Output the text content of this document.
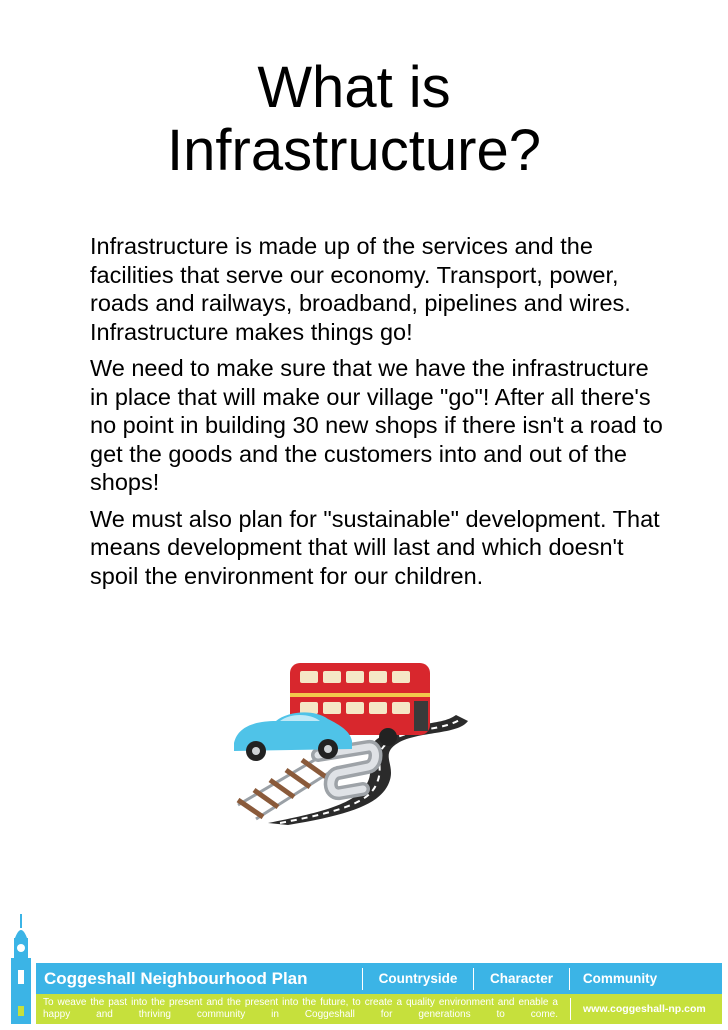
What is
Infrastructure?

Infrastructure is made up of the services and the facilities that serve our economy. Transport, power, roads and railways, broadband, pipelines and wires. Infrastructure makes things go!

We need to make sure that we have the infrastructure in place that will make our village "go"! After all there's no point in building 30 new shops if there isn't a road to get the goods and the customers into and out of the shops!

We must also plan for "sustainable" development. That means development that will last and which doesn't spoil the environment for our children.

Coggeshall Neighbourhood Plan	Countryside	Character	Community
To weave the past into the present and the present into the future, to create a quality environment and enable a happy and thriving community in Coggeshall for generations to come.	www.coggeshall-np.com
